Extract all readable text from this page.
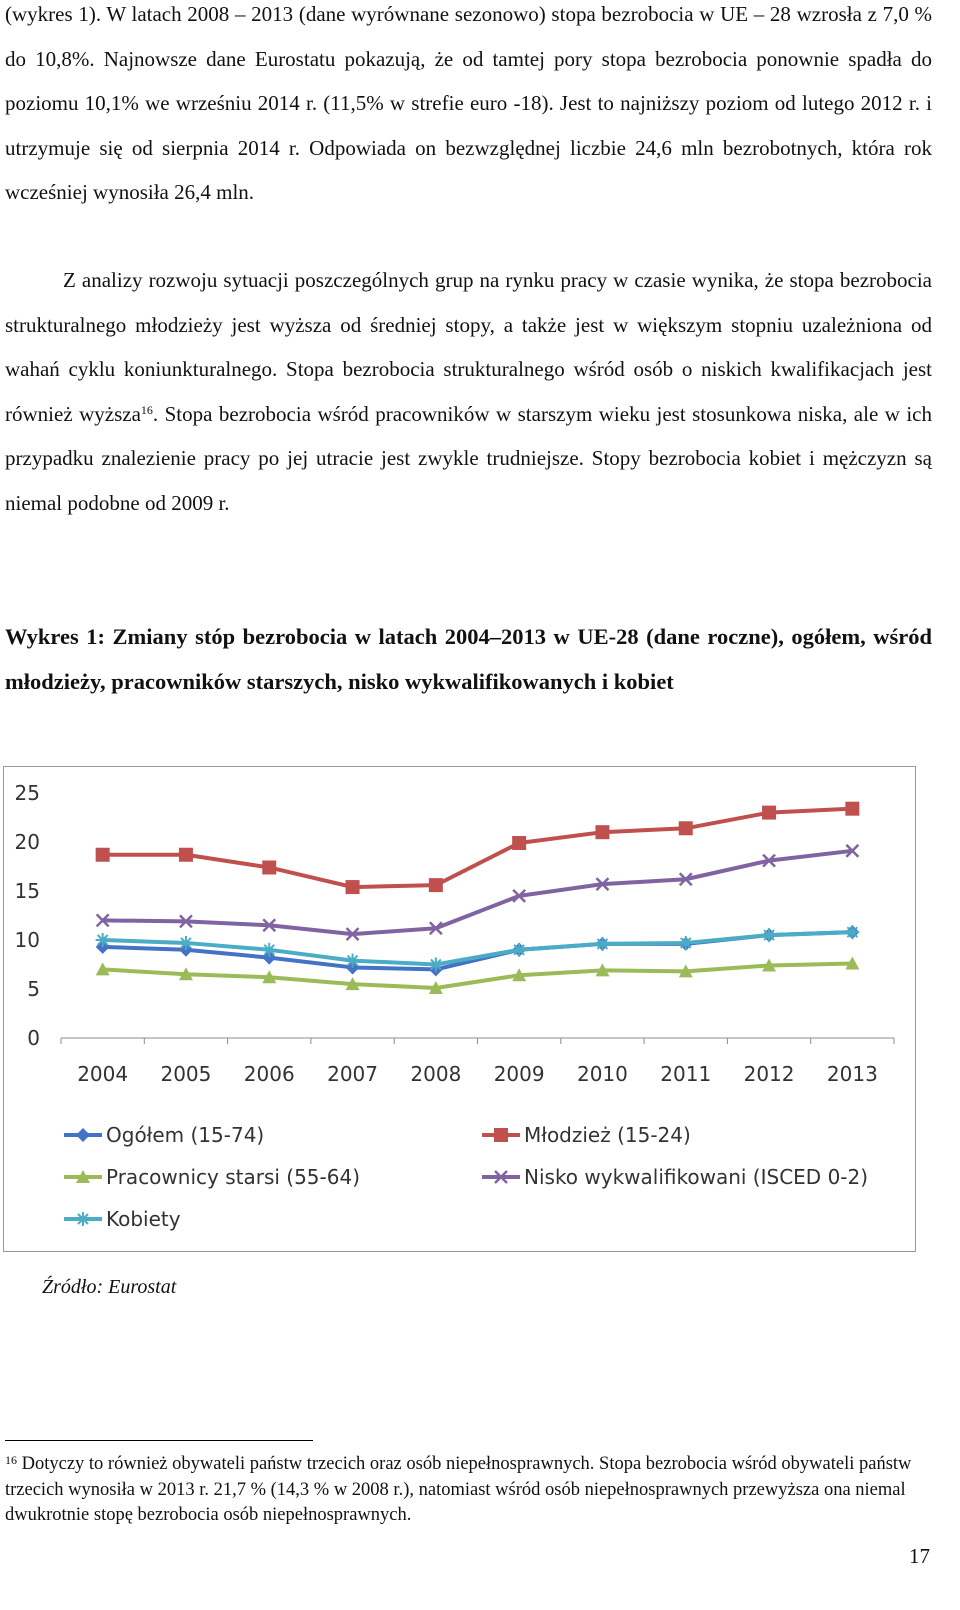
(wykres 1). W latach 2008 – 2013 (dane wyrównane sezonowo) stopa bezrobocia w UE – 28 wzrosła z 7,0 % do 10,8%. Najnowsze dane Eurostatu pokazują, że od tamtej pory stopa bezrobocia ponownie spadła do poziomu 10,1% we wrześniu 2014 r. (11,5% w strefie euro -18). Jest to najniższy poziom od lutego 2012 r. i utrzymuje się od sierpnia 2014 r. Odpowiada on bezwzględnej liczbie 24,6 mln bezrobotnych, która rok wcześniej wynosiła 26,4 mln.

Z analizy rozwoju sytuacji poszczególnych grup na rynku pracy w czasie wynika, że stopa bezrobocia strukturalnego młodzieży jest wyższa od średniej stopy, a także jest w większym stopniu uzależniona od wahań cyklu koniunkturalnego. Stopa bezrobocia strukturalnego wśród osób o niskich kwalifikacjach jest również wyższa$^{16}$. Stopa bezrobocia wśród pracowników w starszym wieku jest stosunkowa niska, ale w ich przypadku znalezienie pracy po jej utracie jest zwykle trudniejsze. Stopy bezrobocia kobiet i mężczyzn są niemal podobne od 2009 r.

Wykres 1: Zmiany stóp bezrobocia w latach 2004–2013 w UE-28 (dane roczne), ogółem, wśród młodzieży, pracowników starszych, nisko wykwalifikowanych i kobiet

0
5
10
15
20
25
2004 2005 2006 2007 2008 2009 2010 2011 2012 2013
Ogółem (15-74)	Młodzież (15-24)
Pracownicy starsi (55-64)	Nisko wykwalifikowani (ISCED 0-2)
Kobiety

Źródło: Eurostat

$^{16}$ Dotyczy to również obywateli państw trzecich oraz osób niepełnosprawnych. Stopa bezrobocia wśród obywateli państw trzecich wynosiła w 2013 r. 21,7 % (14,3 % w 2008 r.), natomiast wśród osób niepełnosprawnych przewyższa ona niemal dwukrotnie stopę bezrobocia osób niepełnosprawnych.

17
